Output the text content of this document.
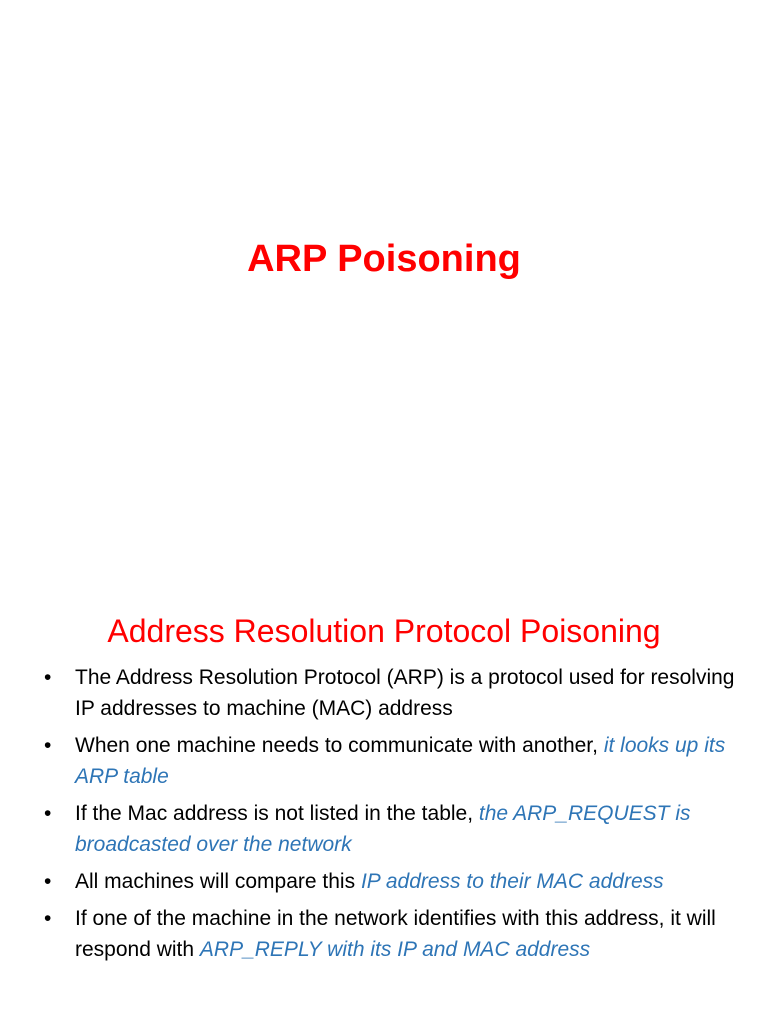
ARP Poisoning
Address Resolution Protocol Poisoning
• The Address Resolution Protocol (ARP) is a protocol used for resolving IP addresses to machine (MAC) address
• When one machine needs to communicate with another, it looks up its ARP table
• If the Mac address is not listed in the table, the ARP_REQUEST is broadcasted over the network
• All machines will compare this IP address to their MAC address
• If one of the machine in the network identifies with this address, it will respond with ARP_REPLY with its IP and MAC address
